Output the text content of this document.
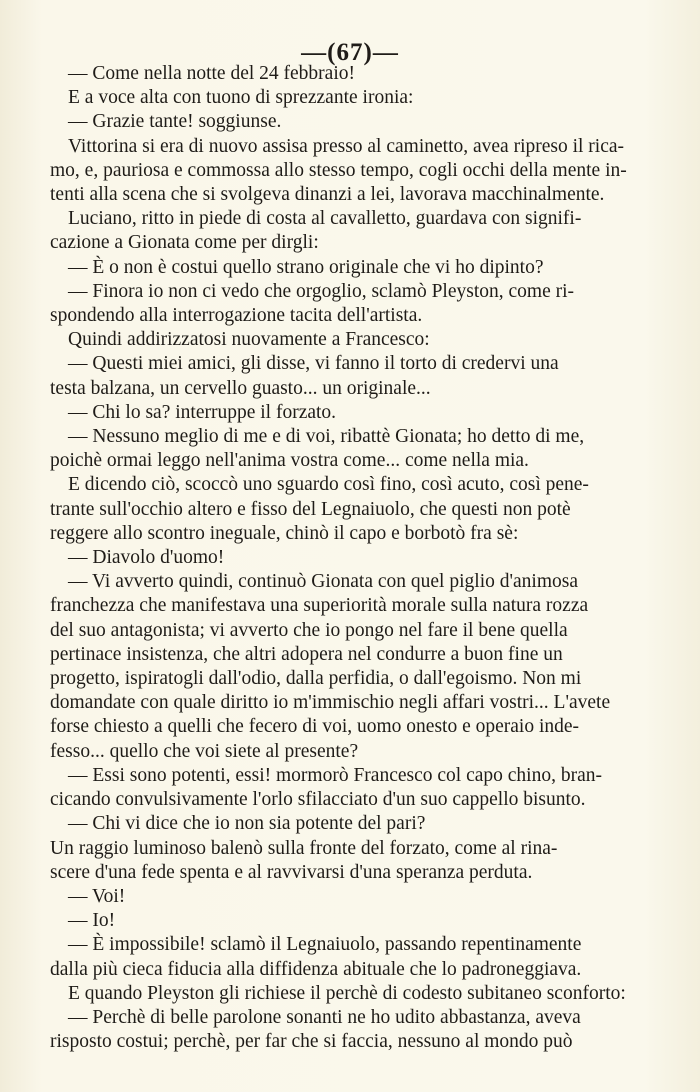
—(67)—
— Come nella notte del 24 febbraio!
E a voce alta con tuono di sprezzante ironia:
— Grazie tante! soggiunse.
Vittorina si era di nuovo assisa presso al caminetto, avea ripreso il rica-
mo, e, pauriosa e commossa allo stesso tempo, cogli occhi della mente in-
tenti alla scena che si svolgeva dinanzi a lei, lavorava macchinalmente.
Luciano, ritto in piede di costa al cavalletto, guardava con signifi-
cazione a Gionata come per dirgli:
— È o non è costui quello strano originale che vi ho dipinto?
— Finora io non ci vedo che orgoglio, sclamò Pleyston, come ri-
spondendo alla interrogazione tacita dell'artista.
Quindi addirizzatosi nuovamente a Francesco:
— Questi miei amici, gli disse, vi fanno il torto di credervi una
testa balzana, un cervello guasto... un originale...
— Chi lo sa? interruppe il forzato.
— Nessuno meglio di me e di voi, ribattè Gionata; ho detto di me,
poichè ormai leggo nell'anima vostra come... come nella mia.
E dicendo ciò, scoccò uno sguardo così fino, così acuto, così pene-
trante sull'occhio altero e fisso del Legnaiuolo, che questi non potè
reggere allo scontro ineguale, chinò il capo e borbotò fra sè:
— Diavolo d'uomo!
— Vi avverto quindi, continuò Gionata con quel piglio d'animosa
franchezza che manifestava una superiorità morale sulla natura rozza
del suo antagonista; vi avverto che io pongo nel fare il bene quella
pertinace insistenza, che altri adopera nel condurre a buon fine un
progetto, ispiratogli dall'odio, dalla perfidia, o dall'egoismo. Non mi
domandate con quale diritto io m'immischio negli affari vostri... L'avete
forse chiesto a quelli che fecero di voi, uomo onesto e operaio inde-
fesso... quello che voi siete al presente?
— Essi sono potenti, essi! mormorò Francesco col capo chino, bran-
cicando convulsivamente l'orlo sfilacciato d'un suo cappello bisunto.
— Chi vi dice che io non sia potente del pari?
Un raggio luminoso balenò sulla fronte del forzato, come al rina-
scere d'una fede spenta e al ravvivarsi d'una speranza perduta.
— Voi!
— Io!
— È impossibile! sclamò il Legnaiuolo, passando repentinamente
dalla più cieca fiducia alla diffidenza abituale che lo padroneggiava.
E quando Pleyston gli richiese il perchè di codesto subitaneo sconforto:
— Perchè di belle parolone sonanti ne ho udito abbastanza, aveva
risposto costui; perchè, per far che si faccia, nessuno al mondo può
